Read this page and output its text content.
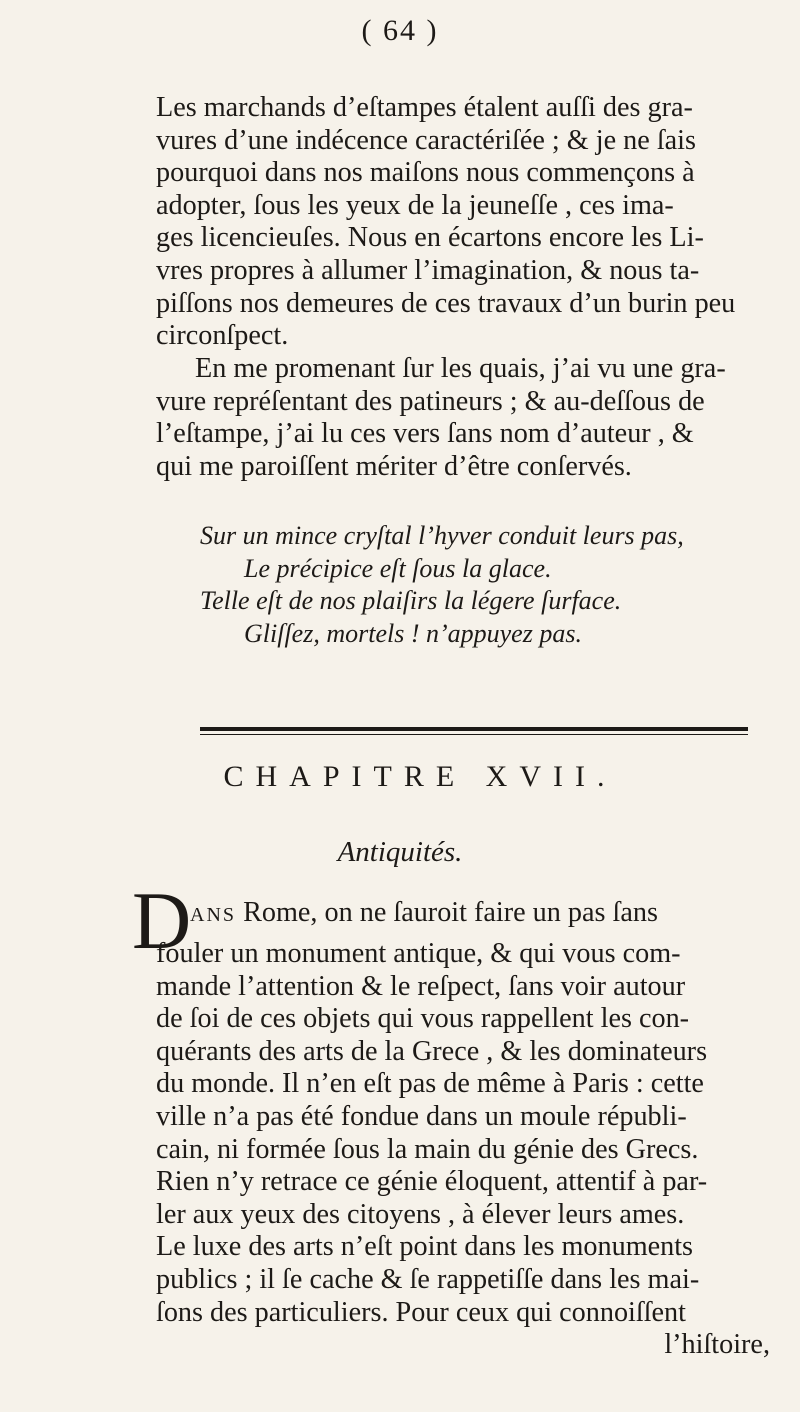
( 64 )
Les marchands d’eſtampes étalent auſſi des gra-
vures d’une indécence caractériſée ; & je ne ſais
pourquoi dans nos maiſons nous commençons à
adopter, ſous les yeux de la jeuneſſe , ces ima-
ges licencieuſes. Nous en écartons encore les Li-
vres propres à allumer l’imagination, & nous ta-
piſſons nos demeures de ces travaux d’un burin peu
circonſpect.
En me promenant ſur les quais, j’ai vu une gra-
vure repréſentant des patineurs ; & au-deſſous de
l’eſtampe, j’ai lu ces vers ſans nom d’auteur , &
qui me paroiſſent mériter d’être conſervés.
Sur un mince cryſtal l’hyver conduit leurs pas,
Le précipice eſt ſous la glace.
Telle eſt de nos plaiſirs la légere ſurface.
Gliſſez, mortels ! n’appuyez pas.
CHAPITRE XVII.
Antiquités.
D
ans Rome, on ne ſauroit faire un pas ſans
fouler un monument antique, & qui vous com-
mande l’attention & le reſpect, ſans voir autour
de ſoi de ces objets qui vous rappellent les con-
quérants des arts de la Grece , & les dominateurs
du monde. Il n’en eſt pas de même à Paris : cette
ville n’a pas été fondue dans un moule républi-
cain, ni formée ſous la main du génie des Grecs.
Rien n’y retrace ce génie éloquent, attentif à par-
ler aux yeux des citoyens , à élever leurs ames.
Le luxe des arts n’eſt point dans les monuments
publics ; il ſe cache & ſe rappetiſſe dans les mai-
ſons des particuliers. Pour ceux qui connoiſſent
l’hiſtoire,
